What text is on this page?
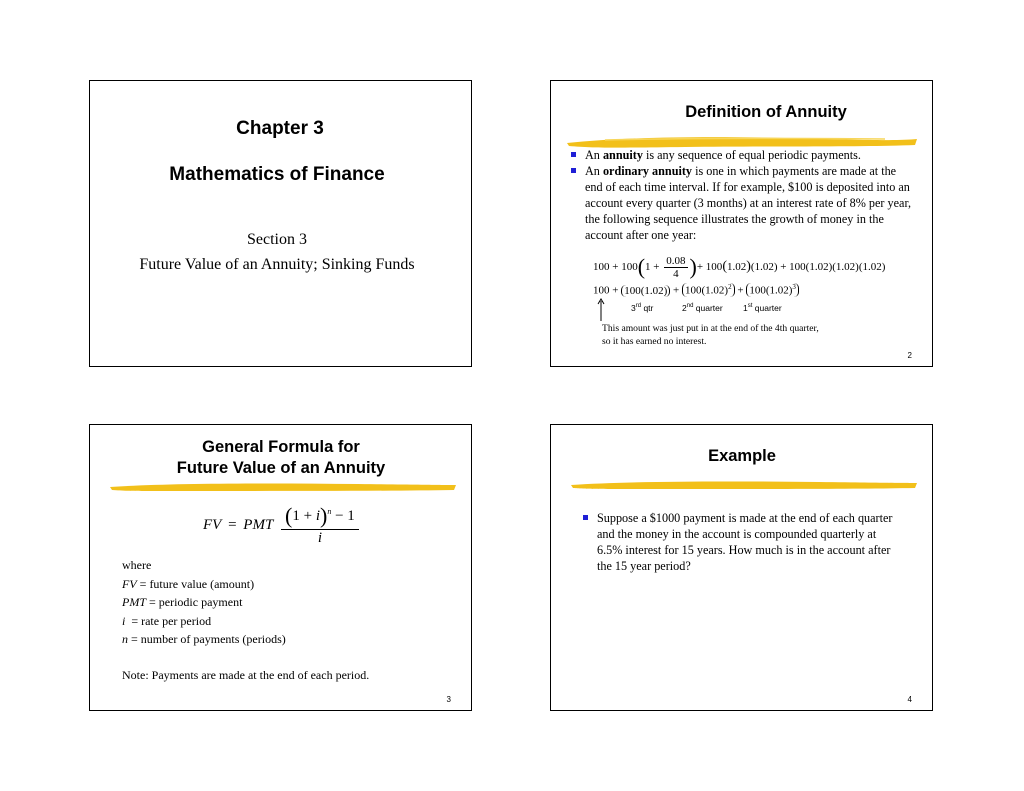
Chapter 3
Mathematics of Finance
Section 3
Future Value of an Annuity; Sinking Funds
Definition of Annuity
An annuity is any sequence of equal periodic payments.
An ordinary annuity is one in which payments are made at the end of each time interval. If for example, $100 is deposited into an account every quarter (3 months) at an interest rate of 8% per year, the following sequence illustrates the growth of money in the account after one year:
$100 + 100(1 + \frac{0.08}{4}$ )+ 100(1.02)(1.02) + 100(1.02)(1.02)(1.02)
$100 + 100(1.02) + 100(1.02)^2 + 100(1.02)^3$
3rd qtr	2nd quarter 1st quarter
This amount was just put in at the end of the 4th quarter,
so it has earned no interest.
2
General Formula for
Future Value of an Annuity
FV = PMT $\frac{(1 + i)^n - 1}{i}$
where
FV = future value (amount)
PMT = periodic payment
i  = rate per period
n = number of payments (periods)
Note: Payments are made at the end of each period.
3
Example
Suppose a $1000 payment is made at the end of each quarter and the money in the account is compounded quarterly at 6.5% interest for 15 years. How much is in the account after the 15 year period?
4
